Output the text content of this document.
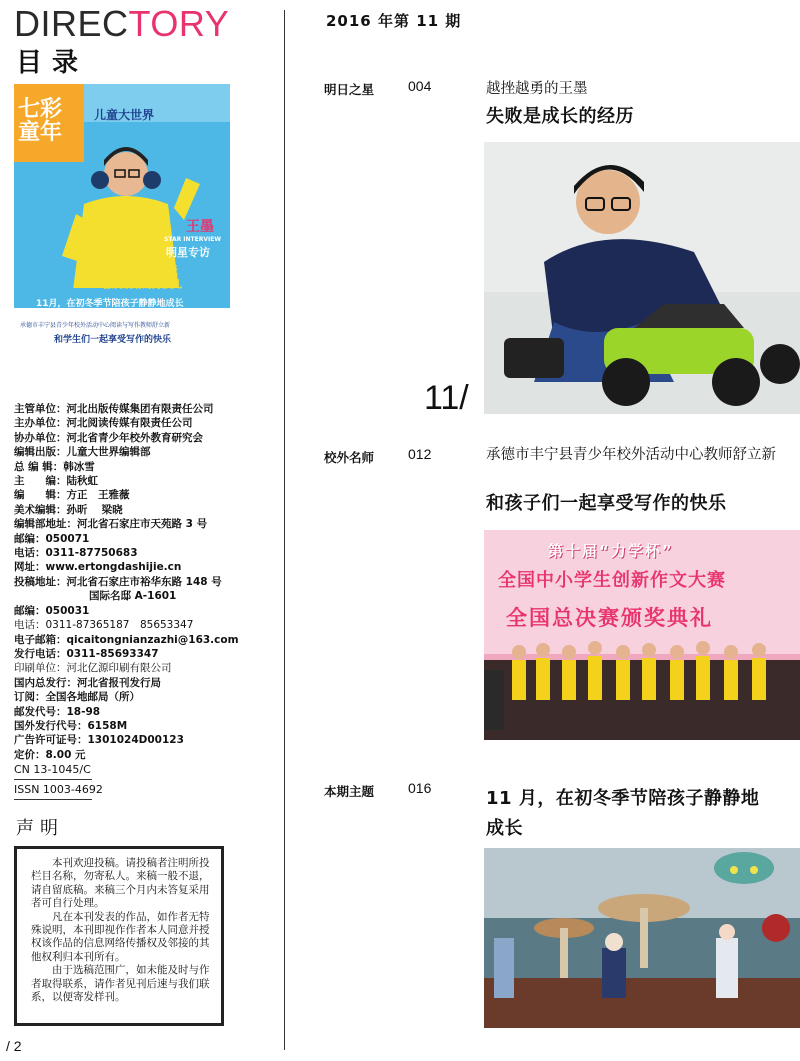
DIRECTORY
目录
七彩
童年
儿童大世界
王墨
STAR INTERVIEW
明星专访
一个喜欢蓝天
喜欢眼睛的男孩儿
11月，在初冬季节陪孩子静静地成长
承德市丰宁县青少年校外活动中心阅读与写作教师舒立新
和学生们一起享受写作的快乐
主管单位：河北出版传媒集团有限责任公司
主办单位：河北阅读传媒有限责任公司
协办单位：河北省青少年校外教育研究会
编辑出版：儿童大世界编辑部
总 编 辑：韩冰雪
主　　编：陆秋虹
编　　辑：方正　王雅薇
美术编辑：孙昕　 梁晓
编辑部地址：河北省石家庄市天苑路 3 号
邮编：050071
电话：0311-87750683
网址：www.ertongdashijie.cn
投稿地址：河北省石家庄市裕华东路 148 号
国际名邸 A-1601
邮编：050031
电话：0311-87365187　85653347
电子邮箱：qicaitongnianzazhi@163.com
发行电话：0311-85693347
印刷单位：河北亿源印刷有限公司
国内总发行：河北省报刊发行局
订阅：全国各地邮局（所）
邮发代号：18-98
国外发行代号：6158M
广告许可证号：1301024D00123
定价：8.00 元
CN 13-1045/C
ISSN 1003-4692
声明

本刊欢迎投稿。请投稿者注明所投栏目名称，勿寄私人。来稿一般不退，请自留底稿。来稿三个月内未答复采用者可自行处理。

凡在本刊发表的作品，如作者无特殊说明，本刊即视作作者本人同意并授权该作品的信息网络传播权及邻接的其他权利归本刊所有。

由于选稿范围广，如未能及时与作者取得联系，请作者见刊后速与我们联系，以便寄发样刊。

/ 2
2016 年第 11 期
明日之星 004	越挫越勇的王墨
失败是成长的经历
11/
校外名师 012	承德市丰宁县青少年校外活动中心教师舒立新
和孩子们一起享受写作的快乐
第十届“力学杯”
全国中小学生创新作文大赛
全国总决赛颁奖典礼
本期主题 016	11 月，在初冬季节陪孩子静静地成长
